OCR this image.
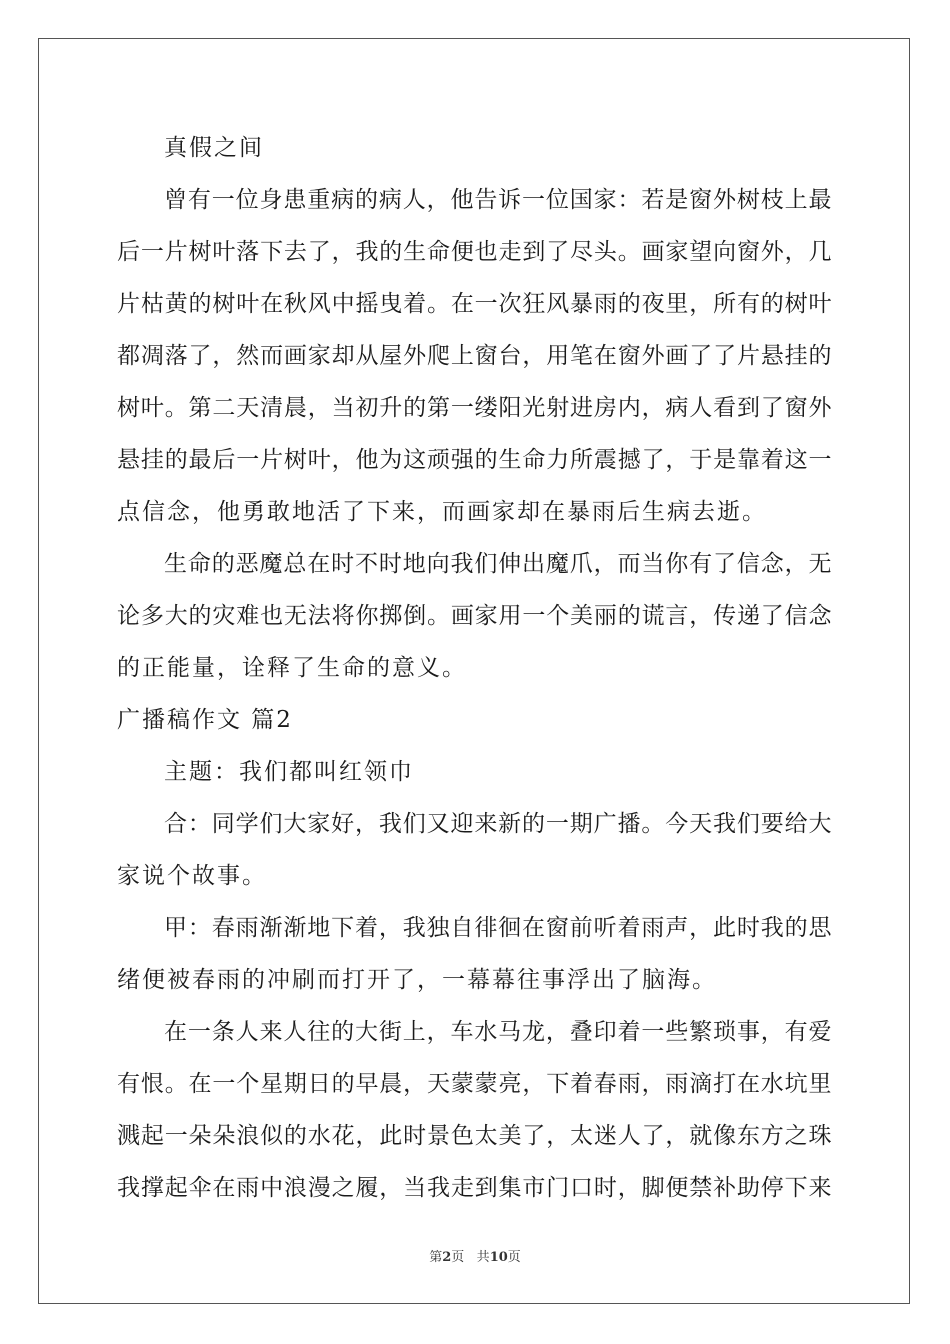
真假之间
曾有一位身患重病的病人，他告诉一位国家：若是窗外树枝上最
后一片树叶落下去了，我的生命便也走到了尽头。画家望向窗外，几
片枯黄的树叶在秋风中摇曳着。在一次狂风暴雨的夜里，所有的树叶
都凋落了，然而画家却从屋外爬上窗台，用笔在窗外画了了片悬挂的
树叶。第二天清晨，当初升的第一缕阳光射进房内，病人看到了窗外
悬挂的最后一片树叶，他为这顽强的生命力所震撼了，于是靠着这一
点信念，他勇敢地活了下来，而画家却在暴雨后生病去逝。
生命的恶魔总在时不时地向我们伸出魔爪，而当你有了信念，无
论多大的灾难也无法将你掷倒。画家用一个美丽的谎言，传递了信念
的正能量，诠释了生命的意义。
广播稿作文 篇2
主题：我们都叫红领巾
合：同学们大家好，我们又迎来新的一期广播。今天我们要给大
家说个故事。
甲：春雨渐渐地下着，我独自徘徊在窗前听着雨声，此时我的思
绪便被春雨的冲刷而打开了，一幕幕往事浮出了脑海。
在一条人来人往的大街上，车水马龙，叠印着一些繁琐事，有爱
有恨。在一个星期日的早晨，天蒙蒙亮，下着春雨，雨滴打在水坑里
溅起一朵朵浪似的水花，此时景色太美了，太迷人了，就像东方之珠
我撑起伞在雨中浪漫之履，当我走到集市门口时，脚便禁补助停下来
第2页 共10页
